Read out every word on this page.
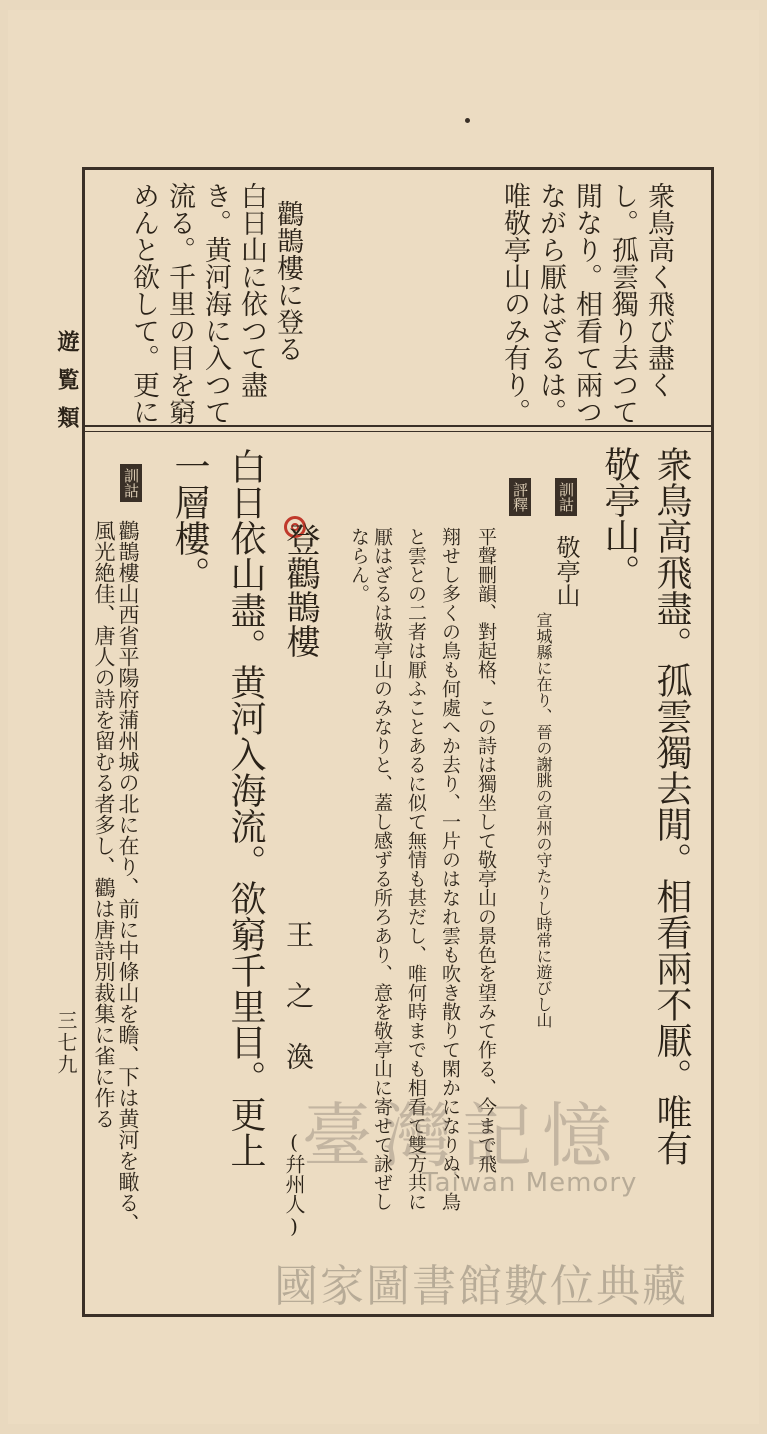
遊覧類
三七九
衆鳥高く飛び盡く
し。孤雲獨り去つて
閒なり。相看て兩つ
ながら厭はざるは。
唯敬亭山のみ有り。
鸛鵲樓に登る
白日山に依つて盡
き。黄河海に入つて
流る。千里の目を窮
めんと欲して。更に
衆鳥高飛盡。孤雲獨去閒。相看兩不厭。唯有
敬亭山。
訓詁 敬亭山
宣城縣に在り、晉の謝朓の宣州の守たりし時常に遊びし山
評釋
平聲刪韻、對起格、この詩は獨坐して敬亭山の景色を望みて作る、今まで飛
翔せし多くの鳥も何處へか去り、一片のはなれ雲も吹き散りて閑かになりぬ、鳥
と雲との二者は厭ふことあるに似て無情も甚だし、唯何時までも相看て雙方共に
厭はざるは敬亭山のみなりと、蓋し感ずる所ろあり、意を敬亭山に寄せて詠ぜし
ならん。
登鸛鵲樓
王 之 渙
(幷州人)
白日依山盡。黄河入海流。欲窮千里目。更上
一層樓。
訓詁
鸛鵲樓山西省平陽府蒲州城の北に在り、前に中條山を瞻、下は黄河を瞰る、
風光絶佳、唐人の詩を留むる者多し、鸛は唐詩別裁集に雀に作る
臺灣記憶
Taiwan Memory
國家圖書館數位典藏
